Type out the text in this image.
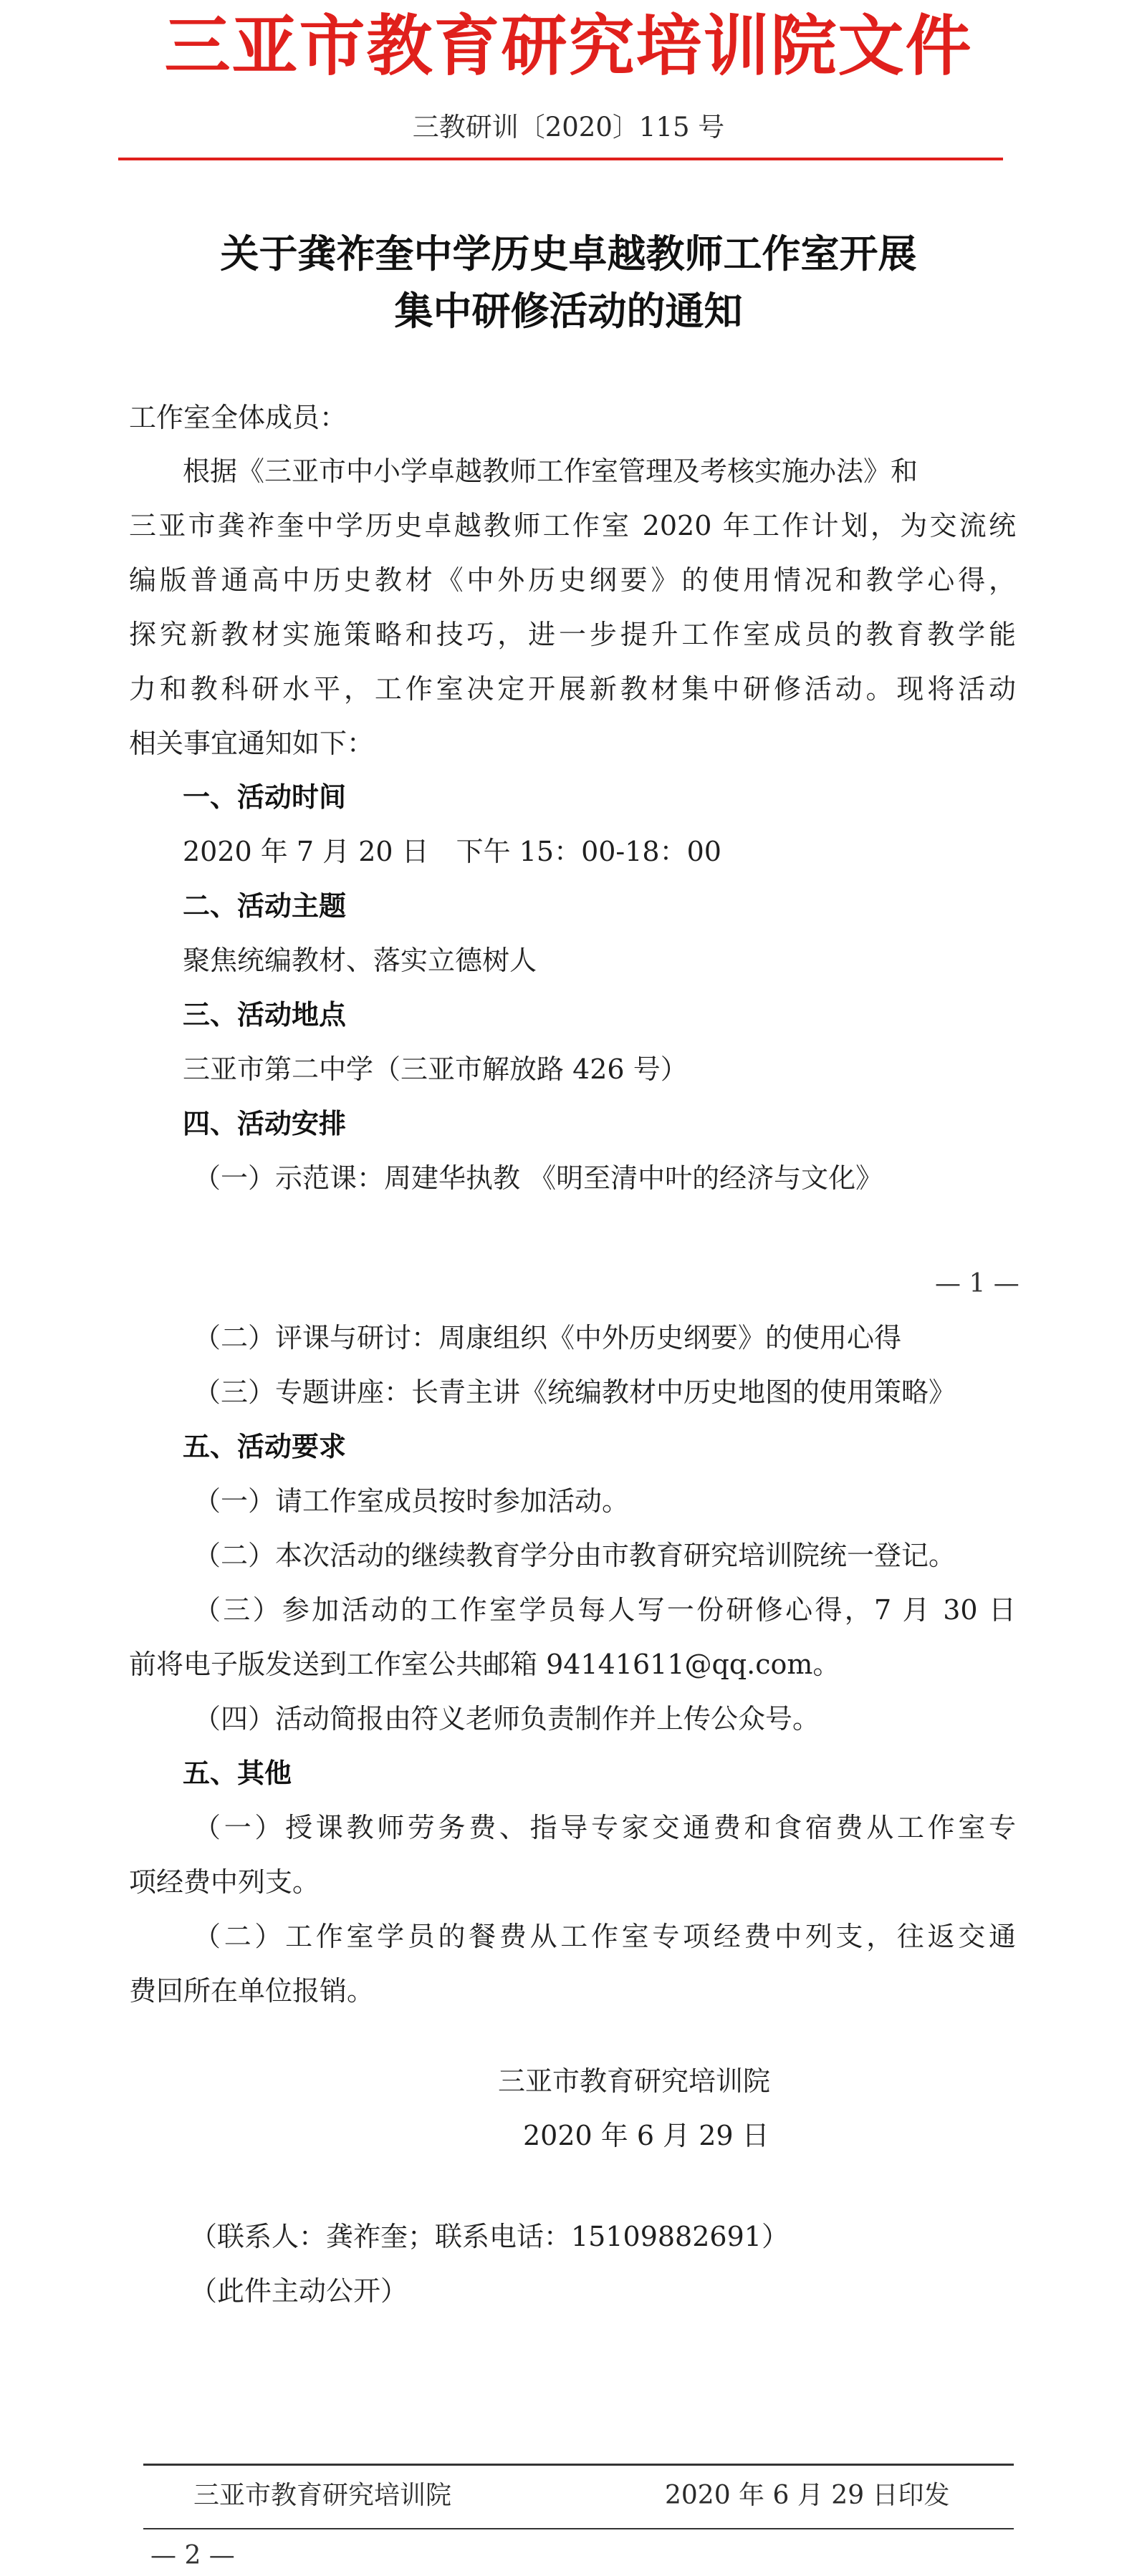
三亚市教育研究培训院文件
三教研训〔2020〕115 号
关于龚祚奎中学历史卓越教师工作室开展
集中研修活动的通知
工作室全体成员：
根据《三亚市中小学卓越教师工作室管理及考核实施办法》和
三亚市龚祚奎中学历史卓越教师工作室 2020 年工作计划，为交流统
编版普通高中历史教材《中外历史纲要》的使用情况和教学心得，
探究新教材实施策略和技巧，进一步提升工作室成员的教育教学能
力和教科研水平，工作室决定开展新教材集中研修活动。现将活动
相关事宜通知如下：
一、活动时间
2020 年 7 月 20 日　下午 15：00-18：00
二、活动主题
聚焦统编教材、落实立德树人
三、活动地点
三亚市第二中学（三亚市解放路 426 号）
四、活动安排
（一）示范课：周建华执教 《明至清中叶的经济与文化》
— 1 —
（二）评课与研讨：周康组织《中外历史纲要》的使用心得
（三）专题讲座：长青主讲《统编教材中历史地图的使用策略》
五、活动要求
（一）请工作室成员按时参加活动。
（二）本次活动的继续教育学分由市教育研究培训院统一登记。
（三）参加活动的工作室学员每人写一份研修心得，7 月 30 日
前将电子版发送到工作室公共邮箱 94141611@qq.com。
（四）活动简报由符义老师负责制作并上传公众号。
五、其他
（一）授课教师劳务费、指导专家交通费和食宿费从工作室专
项经费中列支。
（二）工作室学员的餐费从工作室专项经费中列支，往返交通
费回所在单位报销。
三亚市教育研究培训院
2020 年 6 月 29 日
（联系人：龚祚奎；联系电话：15109882691）
（此件主动公开）
三亚市教育研究培训院	2020 年 6 月 29 日印发
— 2 —
